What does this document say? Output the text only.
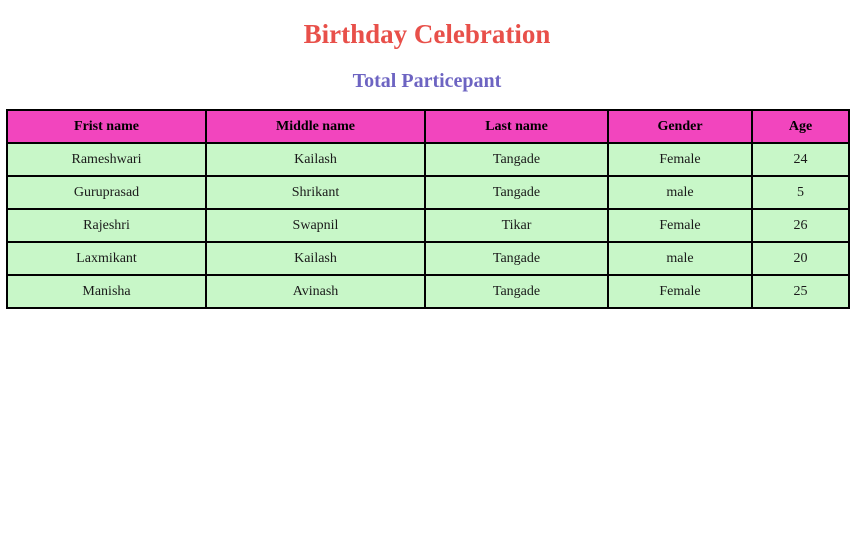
Birthday Celebration
Total Particepant
Frist name	Middle name	Last name	Gender	Age
Rameshwari	Kailash	Tangade	Female	24
Guruprasad	Shrikant	Tangade	male	5
Rajeshri	Swapnil	Tikar	Female	26
Laxmikant	Kailash	Tangade	male	20
Manisha	Avinash	Tangade	Female	25
